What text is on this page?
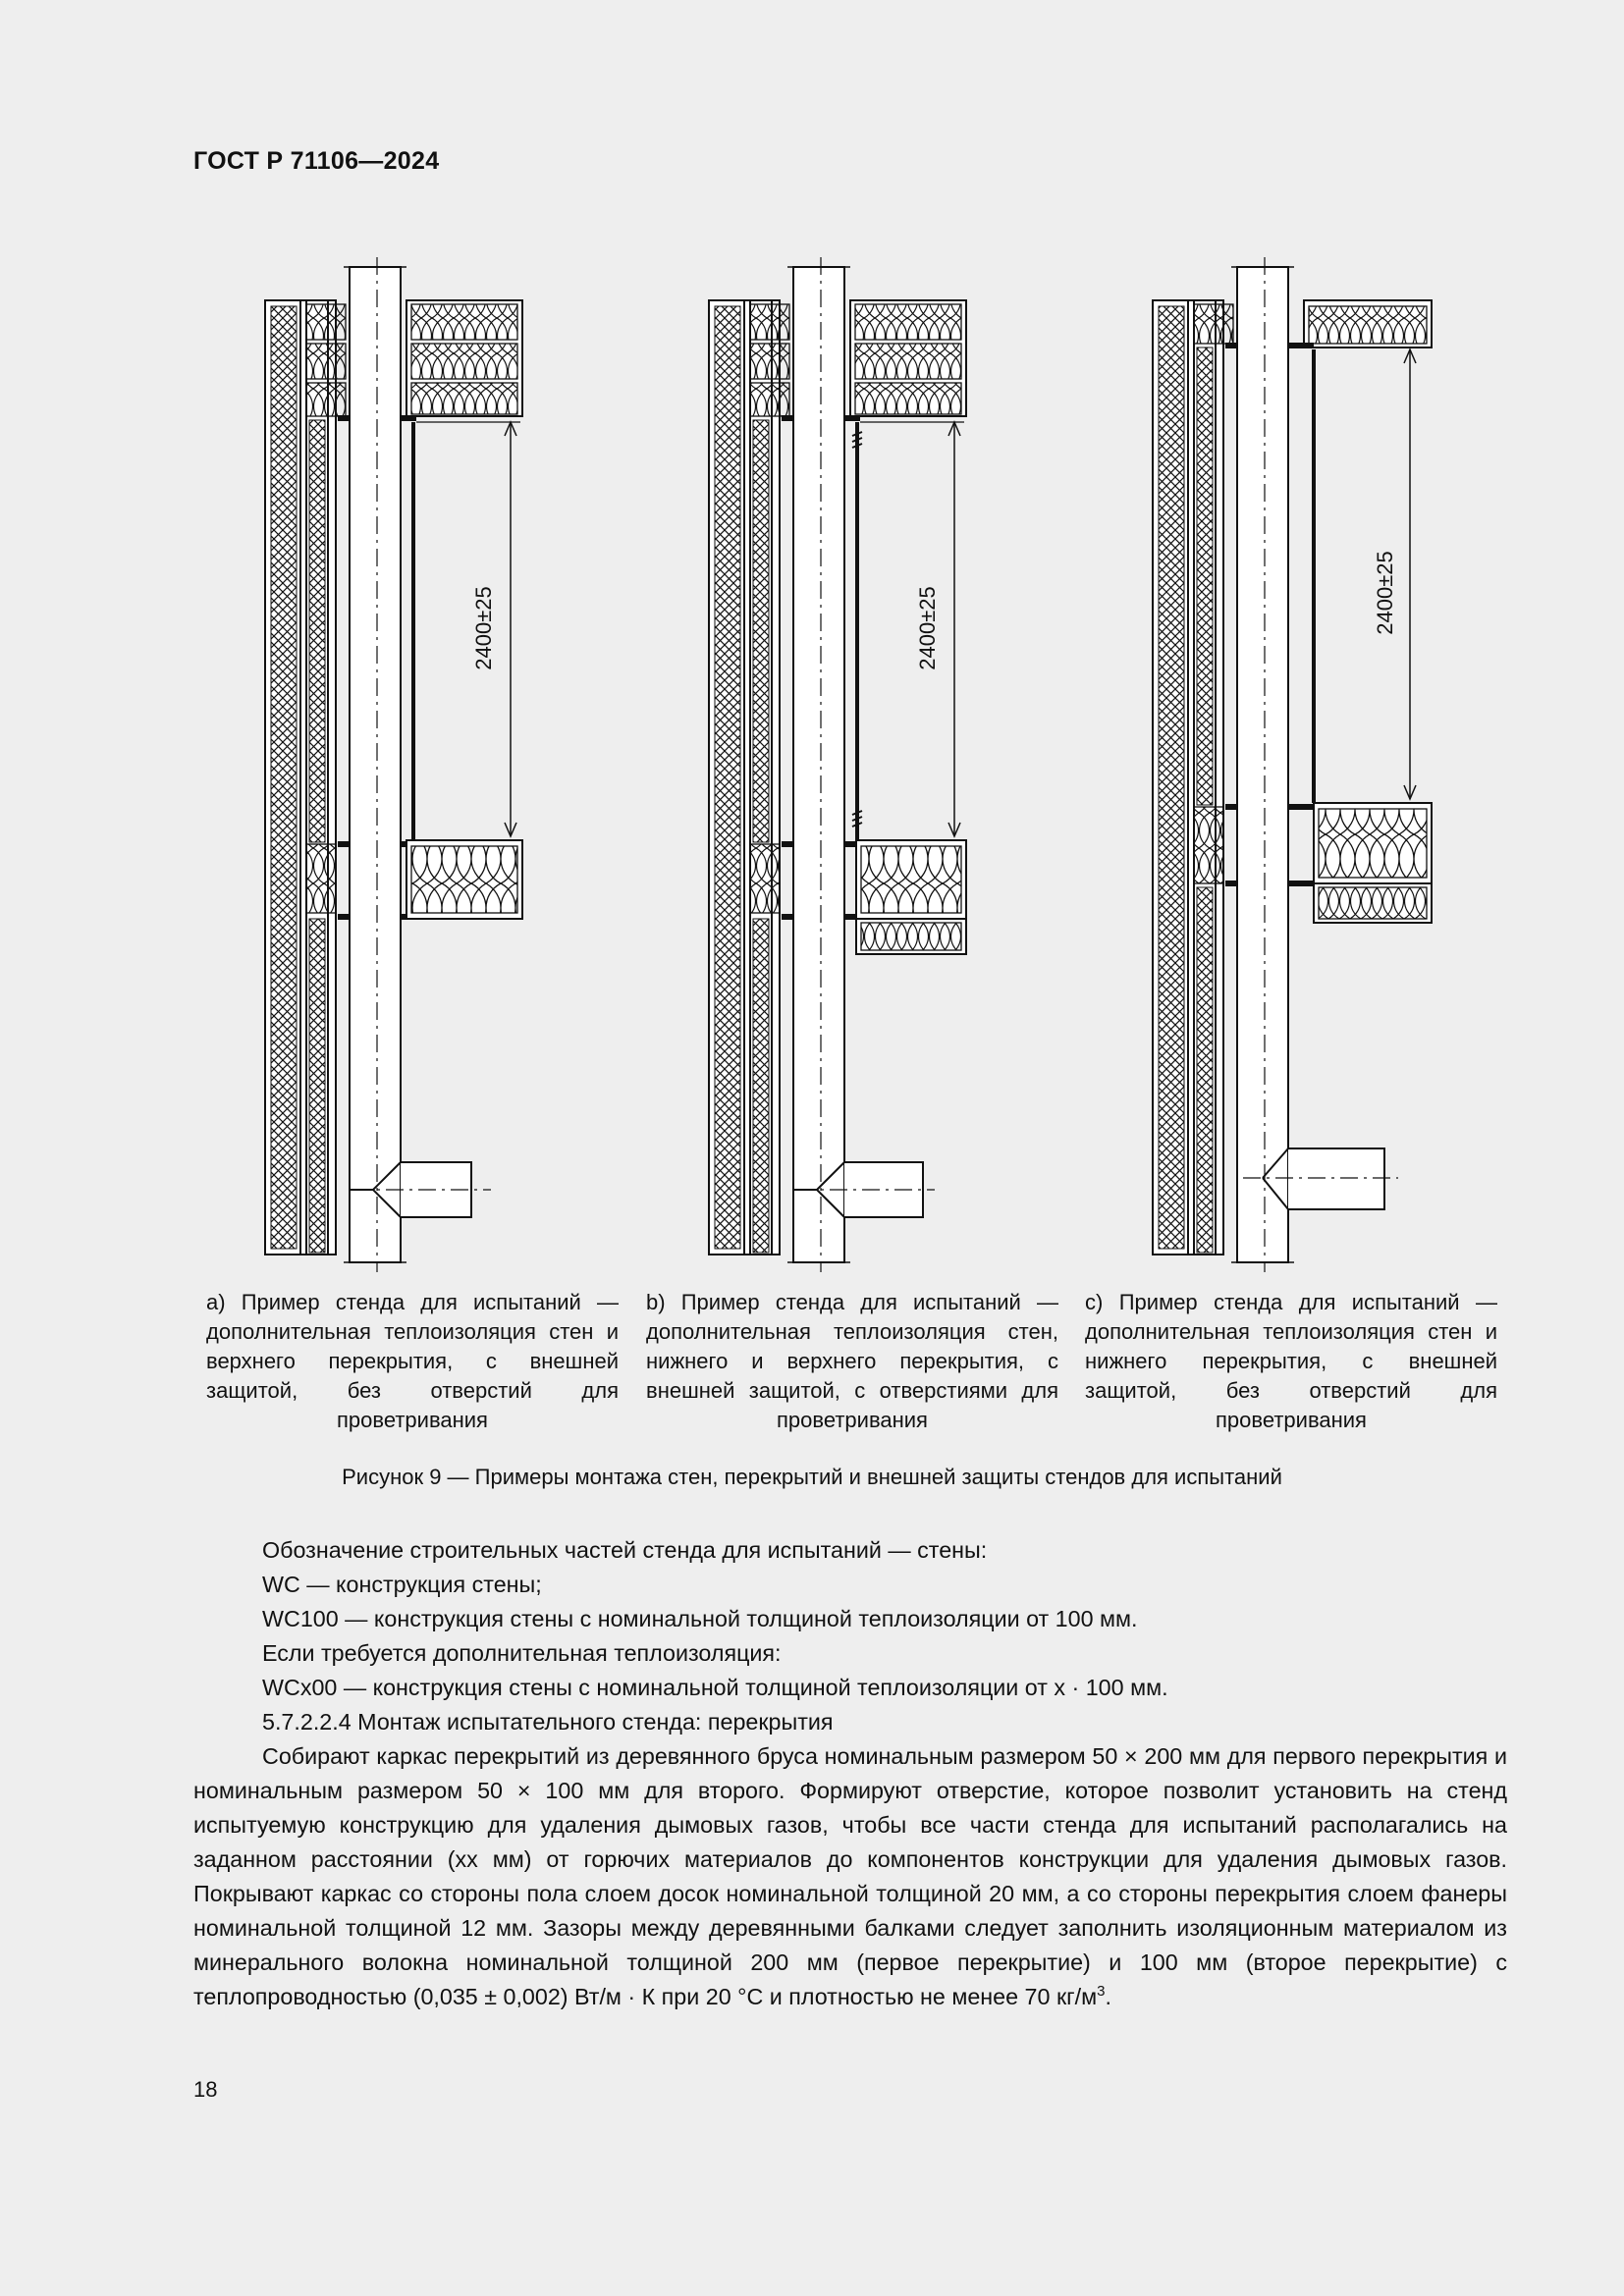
ГОСТ Р 71106—2024
2400±25	2400±25	2400±25
a) Пример стенда для испытаний — дополнительная теплоизоляция стен и верхнего перекрытия, с внешней защитой, без отверстий для проветривания
b) Пример стенда для испытаний — дополнительная теплоизоляция стен, нижнего и верхнего перекрытия, с внешней защитой, с отверстиями для проветривания
c) Пример стенда для испытаний — дополнительная теплоизоляция стен и нижнего перекрытия, с внешней защитой, без отверстий для проветривания
Рисунок 9 — Примеры монтажа стен, перекрытий и внешней защиты стендов для испытаний

Обозначение строительных частей стенда для испытаний — стены:

WC — конструкция стены;

WC100 — конструкция стены с номинальной толщиной теплоизоляции от 100 мм.

Если требуется дополнительная теплоизоляция:

WCx00 — конструкция стены с номинальной толщиной теплоизоляции от x · 100 мм.

5.7.2.2.4 Монтаж испытательного стенда: перекрытия

Собирают каркас перекрытий из деревянного бруса номинальным размером 50 × 200 мм для первого перекрытия и номинальным размером 50 × 100 мм для второго. Формируют отверстие, которое позволит установить на стенд испытуемую конструкцию для удаления дымовых газов, чтобы все части стенда для испытаний располагались на заданном расстоянии (хх мм) от горючих материалов до компонентов конструкции для удаления дымовых газов. Покрывают каркас со стороны пола слоем досок номинальной толщиной 20 мм, а со стороны перекрытия слоем фанеры номинальной толщиной 12 мм. Зазоры между деревянными балками следует заполнить изоляционным материалом из минерального волокна номинальной толщиной 200 мм (первое перекрытие) и 100 мм (второе перекрытие) с теплопроводностью (0,035 ± 0,002) Вт/м · К при 20 °С и плотностью не менее 70 $кг/м^3$.

18
